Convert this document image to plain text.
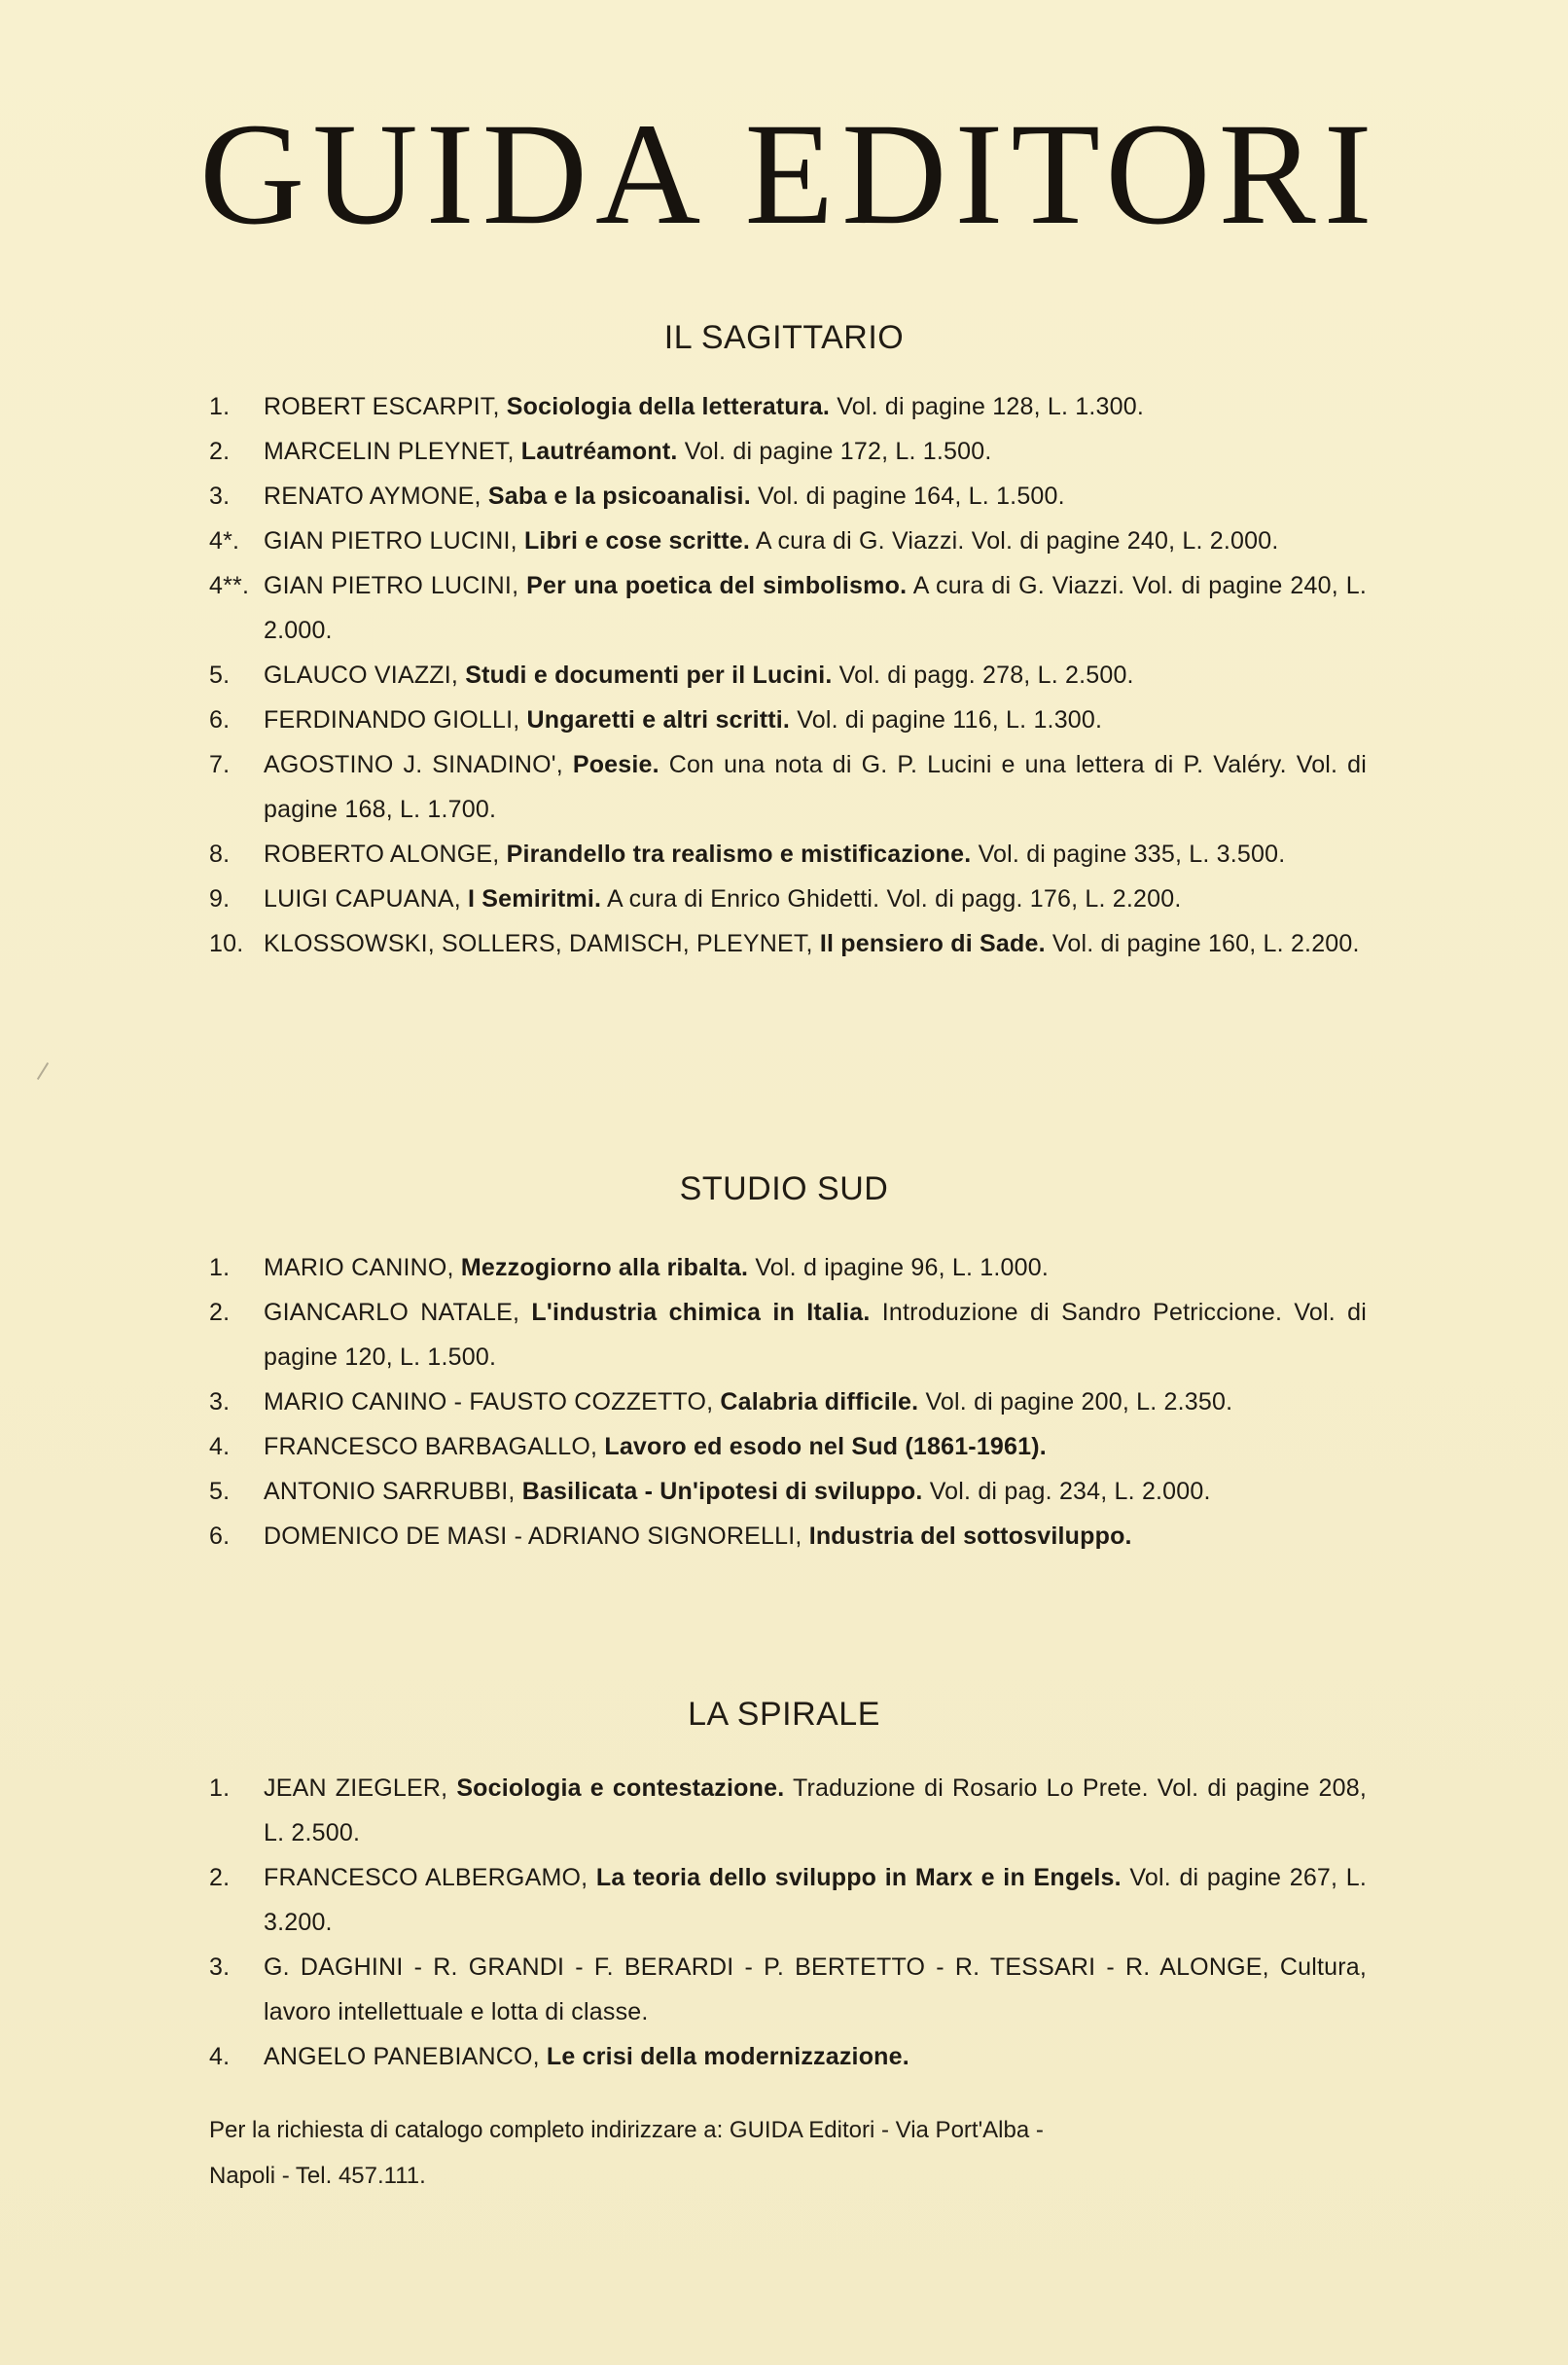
GUIDA EDITORI
IL SAGITTARIO
1.	ROBERT ESCARPIT, Sociologia della letteratura. Vol. di pagine 128, L. 1.300.
2.	MARCELIN PLEYNET, Lautréamont. Vol. di pagine 172, L. 1.500.
3.	RENATO AYMONE, Saba e la psicoanalisi. Vol. di pagine 164, L. 1.500.
4*. GIAN PIETRO LUCINI, Libri e cose scritte. A cura di G. Viazzi. Vol. di pagine 240, L. 2.000.
4**. GIAN PIETRO LUCINI, Per una poetica del simbolismo. A cura di G. Viazzi. Vol. di pagine 240, L. 2.000.
5.	GLAUCO VIAZZI, Studi e documenti per il Lucini. Vol. di pagg. 278, L. 2.500.
6.	FERDINANDO GIOLLI, Ungaretti e altri scritti. Vol. di pagine 116, L. 1.300.
7.	AGOSTINO J. SINADINO', Poesie. Con una nota di G. P. Lucini e una lettera di P. Valéry. Vol. di pagine 168, L. 1.700.
8.	ROBERTO ALONGE, Pirandello tra realismo e mistificazione. Vol. di pagine 335, L. 3.500.
9.	LUIGI CAPUANA, I Semiritmi. A cura di Enrico Ghidetti. Vol. di pagg. 176, L. 2.200.
10. KLOSSOWSKI, SOLLERS, DAMISCH, PLEYNET, Il pensiero di Sade. Vol. di pagine 160, L. 2.200.
STUDIO SUD
1.	MARIO CANINO, Mezzogiorno alla ribalta. Vol. d ipagine 96, L. 1.000.
2.	GIANCARLO NATALE, L'industria chimica in Italia. Introduzione di Sandro Petriccione. Vol. di pagine 120, L. 1.500.
3.	MARIO CANINO - FAUSTO COZZETTO, Calabria difficile. Vol. di pagine 200, L. 2.350.
4.	FRANCESCO BARBAGALLO, Lavoro ed esodo nel Sud (1861-1961).
5.	ANTONIO SARRUBBI, Basilicata - Un'ipotesi di sviluppo. Vol. di pag. 234, L. 2.000.
6.	DOMENICO DE MASI - ADRIANO SIGNORELLI, Industria del sottosviluppo.
LA SPIRALE
1.	JEAN ZIEGLER, Sociologia e contestazione. Traduzione di Rosario Lo Prete. Vol. di pagine 208, L. 2.500.
2.	FRANCESCO ALBERGAMO, La teoria dello sviluppo in Marx e in Engels. Vol. di pagine 267, L. 3.200.
3.	G. DAGHINI - R. GRANDI - F. BERARDI - P. BERTETTO - R. TESSARI - R. ALONGE, Cultura, lavoro intellettuale e lotta di classe.
4.	ANGELO PANEBIANCO, Le crisi della modernizzazione.

Per la richiesta di catalogo completo indirizzare a: GUIDA Editori - Via Port'Alba -
Napoli - Tel. 457.111.
